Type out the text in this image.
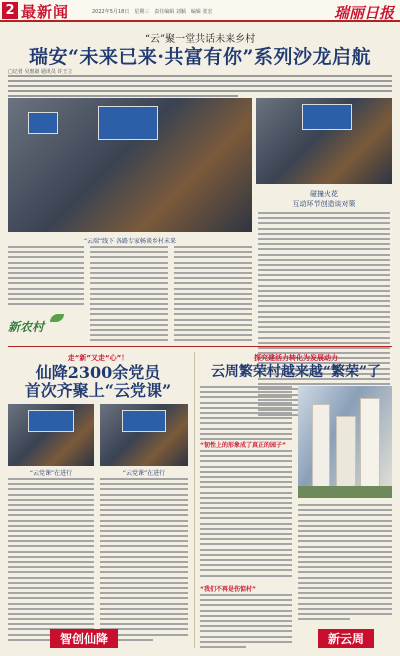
2 最新闻	2022年5月18日　星期三　责任编辑 刘颖　编辑 张宏	瑞丽日报
“云”聚一堂共话未来乡村
瑞安“未来已来·共富有你”系列沙龙启航
□记者 吴惠淑 通讯员 许王立
“云端”线下 各路专家畅谈乡村未来
碰撞火花
互动环节创造谈对策
新农村
走“新”又走“心”！
仙降2300余党员
首次齐聚上“云党课”
“云党课”在进行	“云党课”在进行
智创仙降
探究建活力转化为发展动力
云周繁荣村越来越“繁荣”了
“韧性上的形象成了真正的园子”
“我们不再是伤惦村”
新云周
